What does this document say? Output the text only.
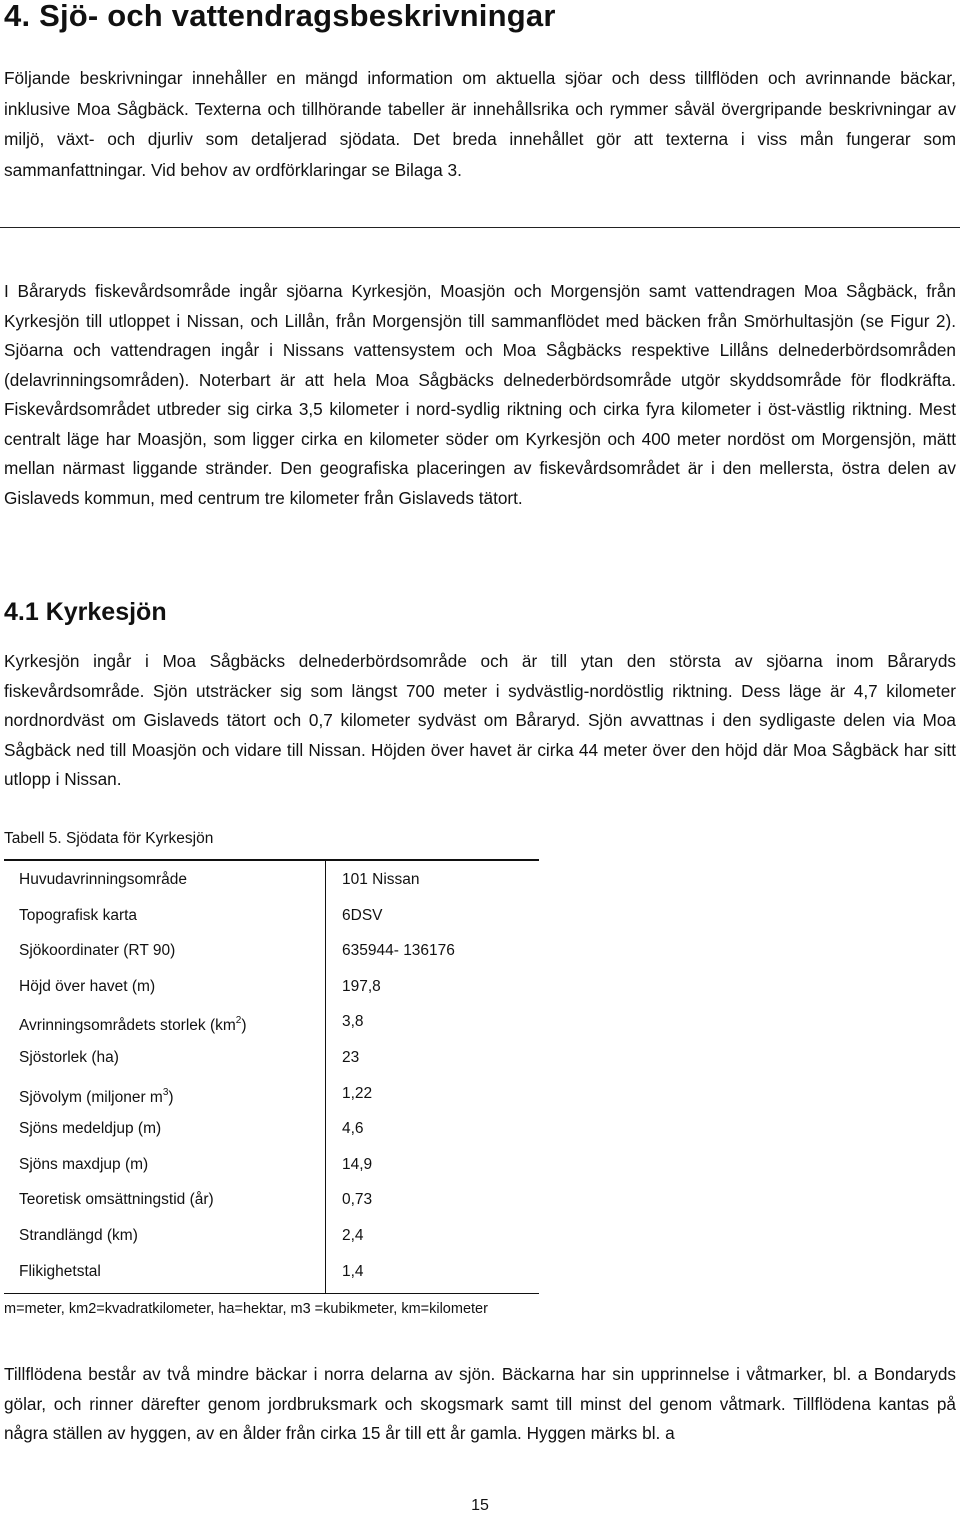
4. Sjö- och vattendragsbeskrivningar

Följande beskrivningar innehåller en mängd information om aktuella sjöar och dess tillflöden och avrinnande bäckar, inklusive Moa Sågbäck. Texterna och tillhörande tabeller är innehållsrika och rymmer såväl övergripande beskrivningar av miljö, växt- och djurliv som detaljerad sjödata. Det breda innehållet gör att texterna i viss mån fungerar som sammanfattningar. Vid behov av ordförklaringar se Bilaga 3.

I Båraryds fiskevårdsområde ingår sjöarna Kyrkesjön, Moasjön och Morgensjön samt vattendragen Moa Sågbäck, från Kyrkesjön till utloppet i Nissan, och Lillån, från Morgensjön till sammanflödet med bäcken från Smörhultasjön (se Figur 2). Sjöarna och vattendragen ingår i Nissans vattensystem och Moa Sågbäcks respektive Lillåns delnederbördsområden (delavrinningsområden). Noterbart är att hela Moa Sågbäcks delnederbördsområde utgör skyddsområde för flodkräfta. Fiskevårdsområdet utbreder sig cirka 3,5 kilometer i nord-sydlig riktning och cirka fyra kilometer i öst-västlig riktning. Mest centralt läge har Moasjön, som ligger cirka en kilometer söder om Kyrkesjön och 400 meter nordöst om Morgensjön, mätt mellan närmast liggande stränder. Den geografiska placeringen av fiskevårdsområdet är i den mellersta, östra delen av Gislaveds kommun, med centrum tre kilometer från Gislaveds tätort.

4.1 Kyrkesjön

Kyrkesjön ingår i Moa Sågbäcks delnederbördsområde och är till ytan den största av sjöarna inom Båraryds fiskevårdsområde. Sjön utsträcker sig som längst 700 meter i sydvästlig-nordöstlig riktning. Dess läge är 4,7 kilometer nordnordväst om Gislaveds tätort och 0,7 kilometer sydväst om Båraryd. Sjön avvattnas i den sydligaste delen via Moa Sågbäck ned till Moasjön och vidare till Nissan. Höjden över havet är cirka 44 meter över den höjd där Moa Sågbäck har sitt utlopp i Nissan.

Tabell 5. Sjödata för Kyrkesjön

Huvudavrinningsområde	101 Nissan
Topografisk karta	6DSV
Sjökoordinater (RT 90)	635944- 136176
Höjd över havet (m)	197,8
Avrinningsområdets storlek $(km^2)$	3,8
Sjöstorlek (ha)	23
Sjövolym (miljoner $m^3$)	1,22
Sjöns medeldjup (m)	4,6
Sjöns maxdjup (m)	14,9
Teoretisk omsättningstid (år)	0,73
Strandlängd (km)	2,4
Flikighetstal	1,4

m=meter, km2=kvadratkilometer, ha=hektar, m3 =kubikmeter, km=kilometer

Tillflödena består av två mindre bäckar i norra delarna av sjön. Bäckarna har sin upprinnelse i våtmarker, bl. a Bondaryds gölar, och rinner därefter genom jordbruksmark och skogsmark samt till minst del genom våtmark. Tillflödena kantas på några ställen av hyggen, av en ålder från cirka 15 år till ett år gamla. Hyggen märks bl. a

15
